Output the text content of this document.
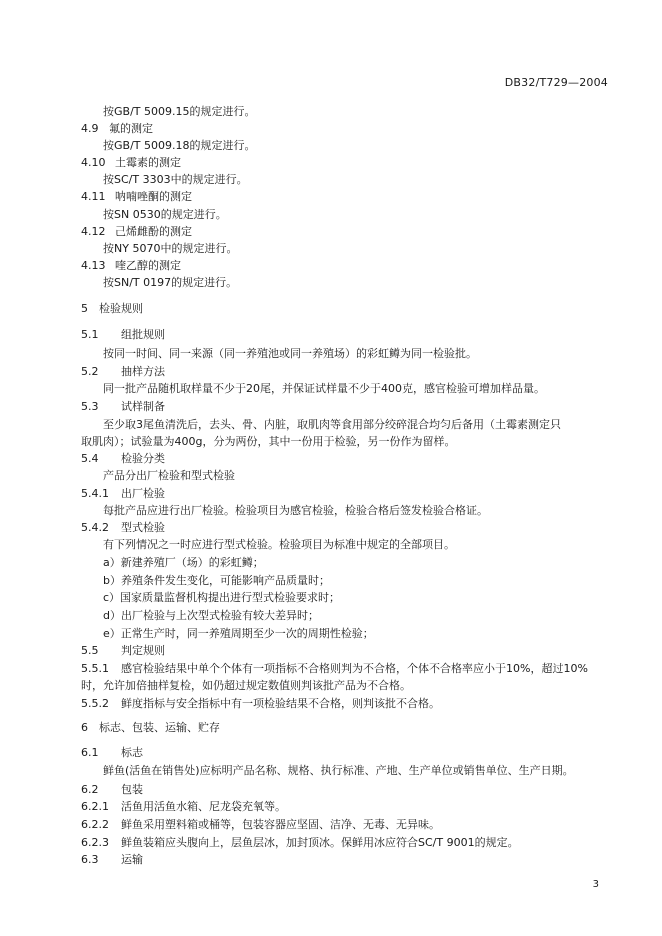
DB32/T729—2004
按GB/T 5009.15的规定进行。
4.9 氟的测定
按GB/T 5009.18的规定进行。
4.10 土霉素的测定
按SC/T 3303中的规定进行。
4.11 呐喃唑酮的测定
按SN 0530的规定进行。
4.12 己烯雌酚的测定
按NY 5070中的规定进行。
4.13 喹乙醇的测定
按SN/T 0197的规定进行。
5 检验规则
5.1 组批规则
按同一时间、同一来源（同一养殖池或同一养殖场）的彩虹鳟为同一检验批。
5.2 抽样方法
同一批产品随机取样量不少于20尾，并保证试样量不少于400克，感官检验可增加样品量。
5.3 试样制备
至少取3尾鱼清洗后，去头、骨、内脏，取肌肉等食用部分绞碎混合均匀后备用（土霉素测定只
取肌肉）；试验量为400g，分为两份，其中一份用于检验，另一份作为留样。
5.4 检验分类
产品分出厂检验和型式检验
5.4.1 出厂检验
每批产品应进行出厂检验。检验项目为感官检验，检验合格后签发检验合格证。
5.4.2 型式检验
有下列情况之一时应进行型式检验。检验项目为标准中规定的全部项目。
a）新建养殖厂（场）的彩虹鳟；
b）养殖条件发生变化，可能影响产品质量时；
c）国家质量监督机构提出进行型式检验要求时；
d）出厂检验与上次型式检验有较大差异时；
e）正常生产时，同一养殖周期至少一次的周期性检验；
5.5 判定规则
5.5.1 感官检验结果中单个个体有一项指标不合格则判为不合格，个体不合格率应小于10%，超过10%
时，允许加倍抽样复检，如仍超过规定数值则判该批产品为不合格。
5.5.2 鲜度指标与安全指标中有一项检验结果不合格，则判该批不合格。
6 标志、包装、运输、贮存
6.1 标志
鲜鱼(活鱼在销售处)应标明产品名称、规格、执行标准、产地、生产单位或销售单位、生产日期。
6.2 包装
6.2.1 活鱼用活鱼水箱、尼龙袋充氧等。
6.2.2 鲜鱼采用塑料箱或桶等，包装容器应坚固、洁净、无毒、无异味。
6.2.3 鲜鱼装箱应头腹向上，层鱼层冰，加封顶冰。保鲜用冰应符合SC/T 9001的规定。
6.3 运输
3
